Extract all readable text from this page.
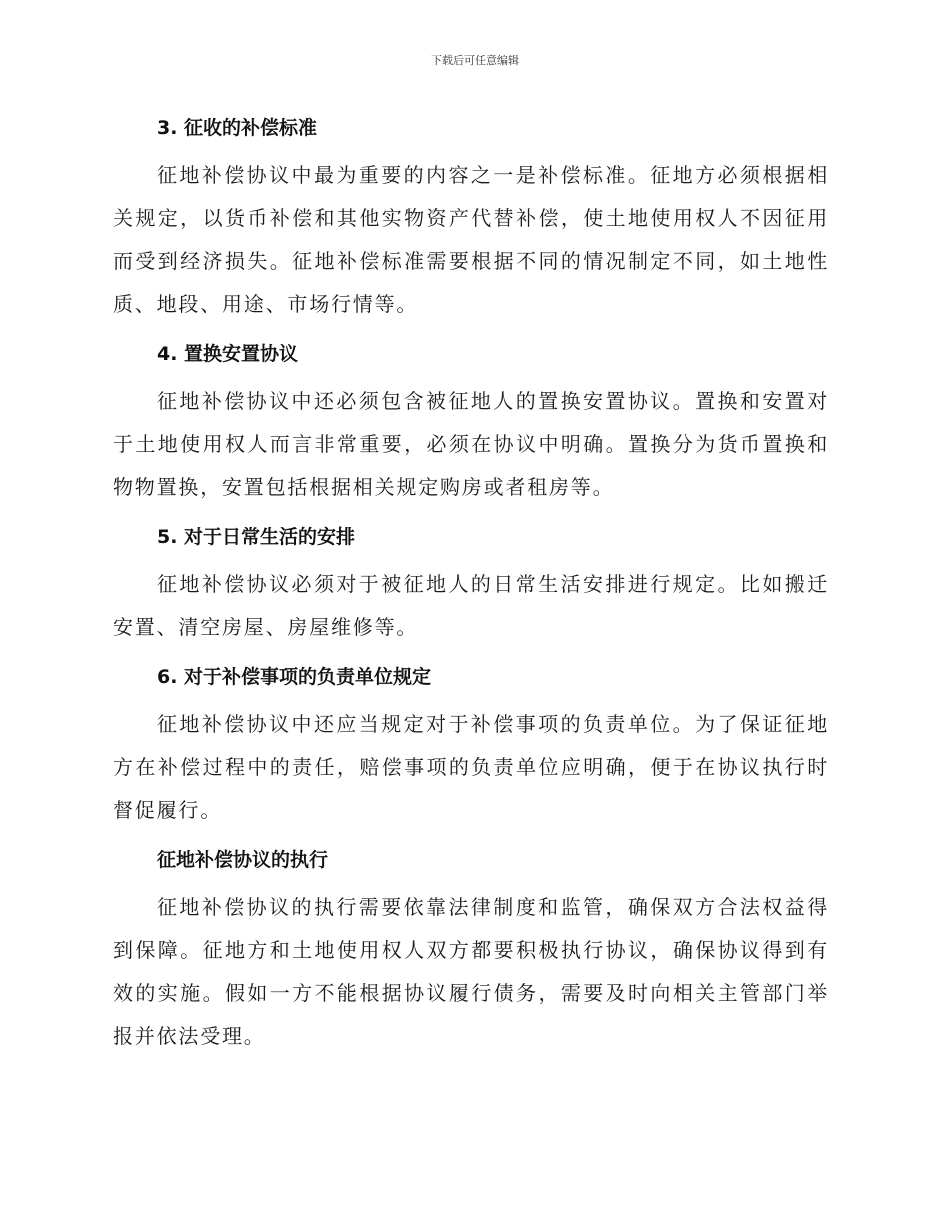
下载后可任意编辑
3. 征收的补偿标准

征地补偿协议中最为重要的内容之一是补偿标准。征地方必须根据相关规定，以货币补偿和其他实物资产代替补偿，使土地使用权人不因征用而受到经济损失。征地补偿标准需要根据不同的情况制定不同，如土地性质、地段、用途、市场行情等。

4. 置换安置协议

征地补偿协议中还必须包含被征地人的置换安置协议。置换和安置对于土地使用权人而言非常重要，必须在协议中明确。置换分为货币置换和物物置换，安置包括根据相关规定购房或者租房等。

5. 对于日常生活的安排

征地补偿协议必须对于被征地人的日常生活安排进行规定。比如搬迁安置、清空房屋、房屋维修等。

6. 对于补偿事项的负责单位规定

征地补偿协议中还应当规定对于补偿事项的负责单位。为了保证征地方在补偿过程中的责任，赔偿事项的负责单位应明确，便于在协议执行时督促履行。

征地补偿协议的执行

征地补偿协议的执行需要依靠法律制度和监管，确保双方合法权益得到保障。征地方和土地使用权人双方都要积极执行协议，确保协议得到有效的实施。假如一方不能根据协议履行债务，需要及时向相关主管部门举报并依法受理。
